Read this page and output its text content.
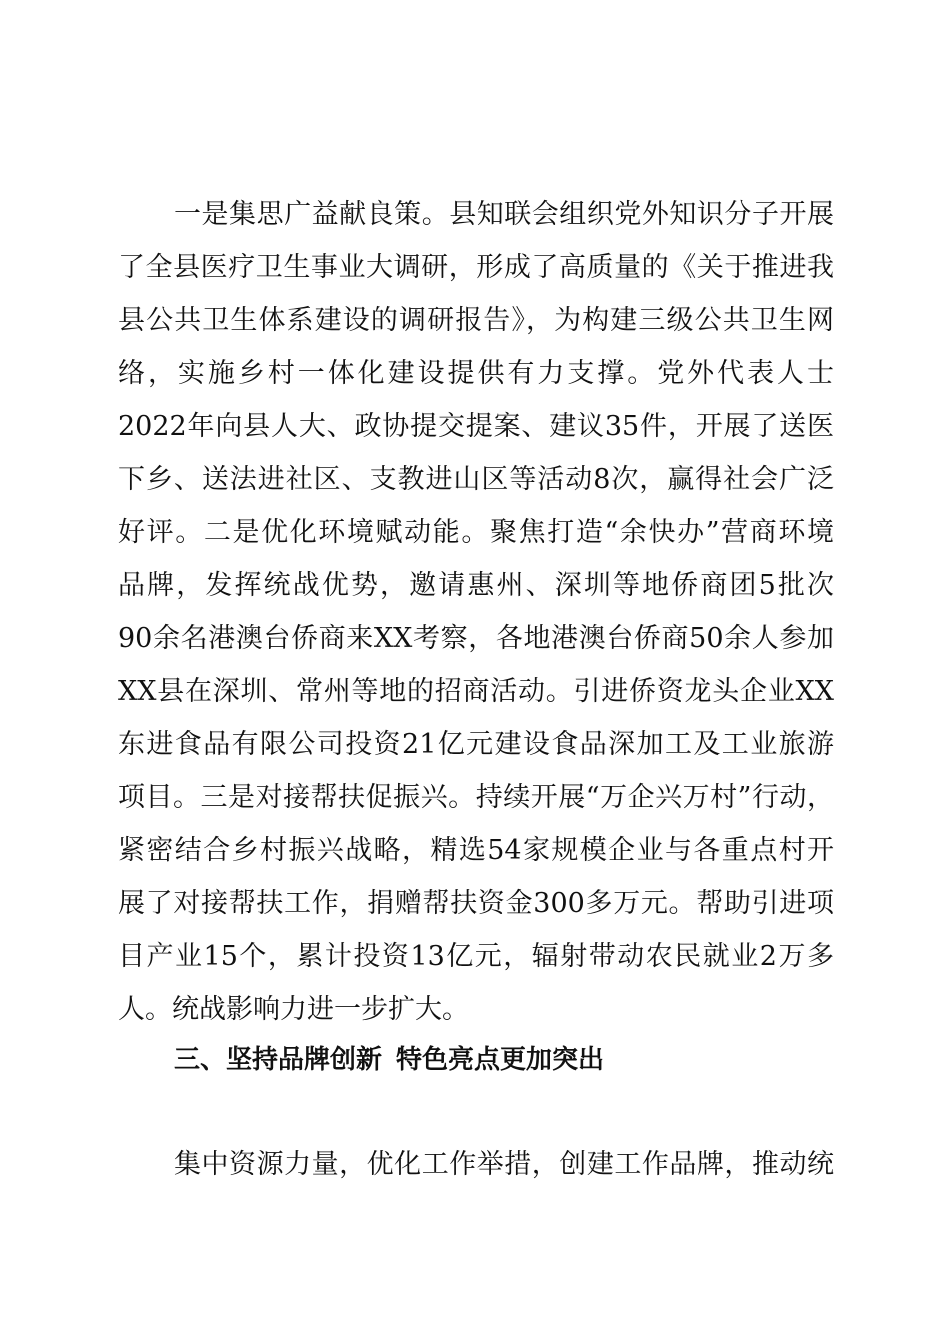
一是集思广益献良策。县知联会组织党外知识分子开展
了全县医疗卫生事业大调研，形成了高质量的《关于推进我
县公共卫生体系建设的调研报告》，为构建三级公共卫生网
络，实施乡村一体化建设提供有力支撑。党外代表人士
2022年向县人大、政协提交提案、建议35件，开展了送医
下乡、送法进社区、支教进山区等活动8次，赢得社会广泛
好评。二是优化环境赋动能。聚焦打造“余快办”营商环境
品牌，发挥统战优势，邀请惠州、深圳等地侨商团5批次
90余名港澳台侨商来XX考察，各地港澳台侨商50余人参加
XX县在深圳、常州等地的招商活动。引进侨资龙头企业XX
东进食品有限公司投资21亿元建设食品深加工及工业旅游
项目。三是对接帮扶促振兴。持续开展“万企兴万村”行动，
紧密结合乡村振兴战略，精选54家规模企业与各重点村开
展了对接帮扶工作，捐赠帮扶资金300多万元。帮助引进项
目产业15个，累计投资13亿元，辐射带动农民就业2万多
人。统战影响力进一步扩大。
三、坚持品牌创新 特色亮点更加突出
集中资源力量，优化工作举措，创建工作品牌，推动统
